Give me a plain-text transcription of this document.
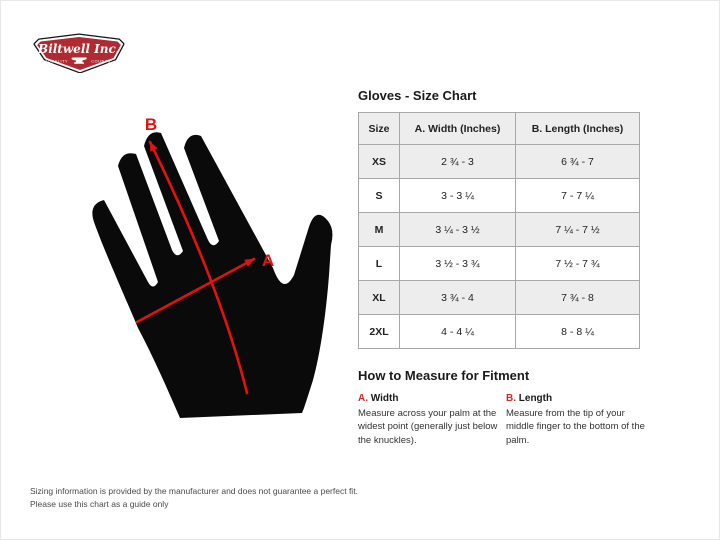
Biltwell Inc.
“QUALITY	COUNTS”
B
A
Gloves - Size Chart
Size	A. Width (Inches)	B. Length (Inches)
XS	2 ¾ - 3	6 ¾ - 7
S	3 - 3 ¼	7 - 7 ¼
M	3 ¼ - 3 ½	7 ¼ - 7 ½
L	3 ½ - 3 ¾	7 ½ - 7 ¾
XL	3 ¾ - 4	7 ¾ - 8
2XL	4 - 4 ¼	8 - 8 ¼
How to Measure for Fitment
A. Width
Measure across your palm at the widest point (generally just below the knuckles).
B. Length
Measure from the tip of your middle finger to the bottom of the palm.
Sizing information is provided by the manufacturer and does not guarantee a perfect fit.
Please use this chart as a guide only
